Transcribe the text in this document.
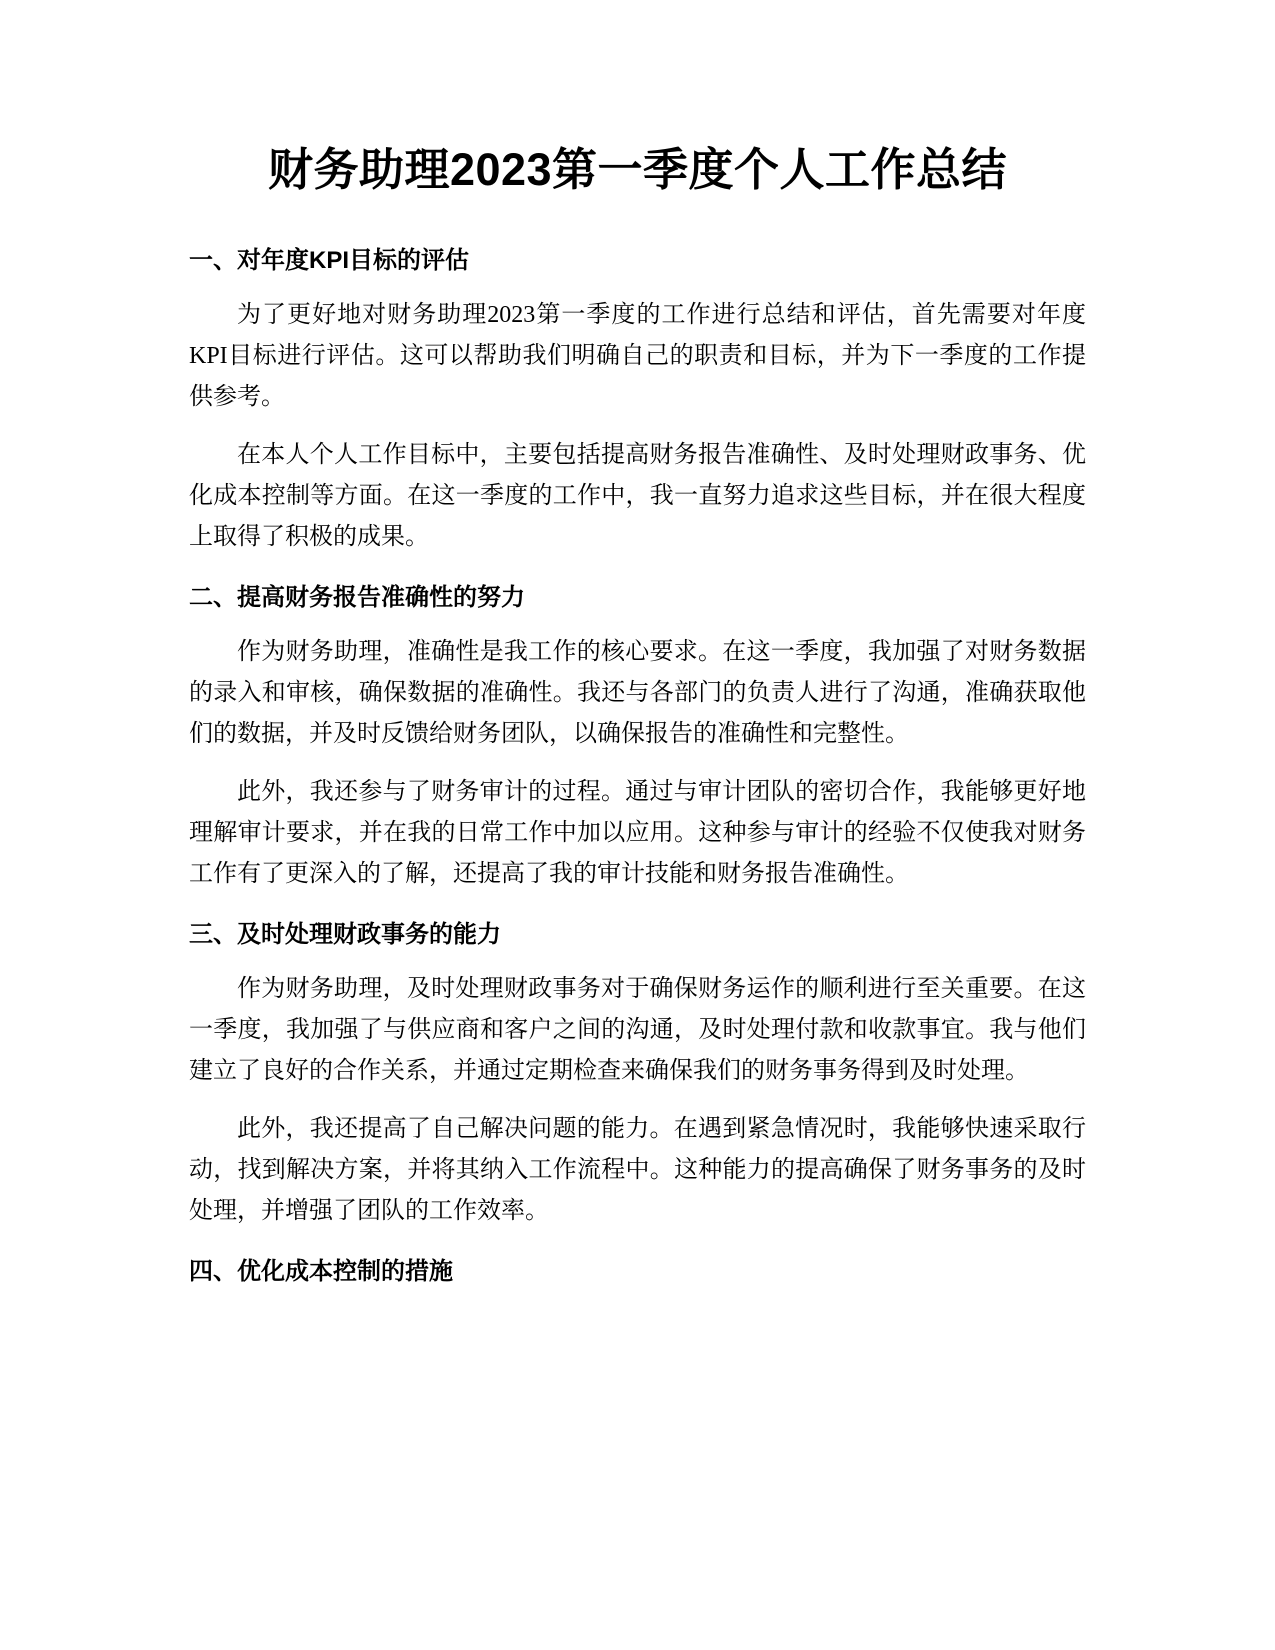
财务助理2023第一季度个人工作总结
一、对年度KPI目标的评估

为了更好地对财务助理2023第一季度的工作进行总结和评估，首先需要对年度KPI目标进行评估。这可以帮助我们明确自己的职责和目标，并为下一季度的工作提供参考。

在本人个人工作目标中，主要包括提高财务报告准确性、及时处理财政事务、优化成本控制等方面。在这一季度的工作中，我一直努力追求这些目标，并在很大程度上取得了积极的成果。

二、提高财务报告准确性的努力

作为财务助理，准确性是我工作的核心要求。在这一季度，我加强了对财务数据的录入和审核，确保数据的准确性。我还与各部门的负责人进行了沟通，准确获取他们的数据，并及时反馈给财务团队，以确保报告的准确性和完整性。

此外，我还参与了财务审计的过程。通过与审计团队的密切合作，我能够更好地理解审计要求，并在我的日常工作中加以应用。这种参与审计的经验不仅使我对财务工作有了更深入的了解，还提高了我的审计技能和财务报告准确性。

三、及时处理财政事务的能力

作为财务助理，及时处理财政事务对于确保财务运作的顺利进行至关重要。在这一季度，我加强了与供应商和客户之间的沟通，及时处理付款和收款事宜。我与他们建立了良好的合作关系，并通过定期检查来确保我们的财务事务得到及时处理。

此外，我还提高了自己解决问题的能力。在遇到紧急情况时，我能够快速采取行动，找到解决方案，并将其纳入工作流程中。这种能力的提高确保了财务事务的及时处理，并增强了团队的工作效率。

四、优化成本控制的措施
